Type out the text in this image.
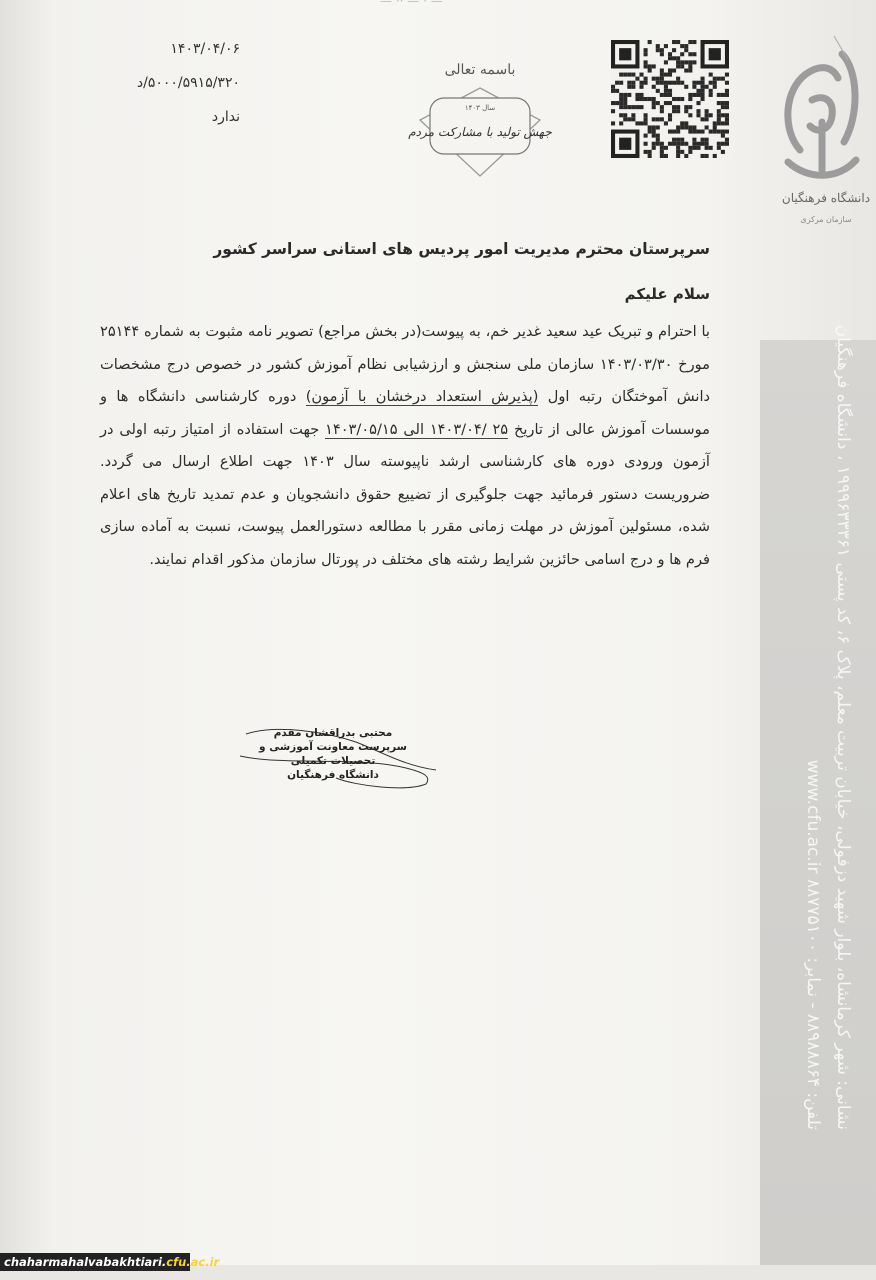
— ·· — · —
۱۴۰۳/۰۴/۰۶
۵۰۰۰/۵۹۱۵/۳۲۰/د
ندارد
باسمه تعالی
سال ۱۴۰۳
جهش تولید با مشارکت مردم
دانشگاه فرهنگیان
سازمان مرکزی
سرپرستان محترم مدیریت امور پردیس های استانی سراسر کشور
سلام علیکم

با احترام و تبریک عید سعید غدیر خم، به پیوست(در بخش مراجع) تصویر نامه مثبوت به شماره ۲۵۱۴۴ مورخ ۱۴۰۳/۰۳/۳۰ سازمان ملی سنجش و ارزشیابی نظام آموزش کشور در خصوص درج مشخصات دانش آموختگان رتبه اول (پذیرش استعداد درخشان با آزمون) دوره کارشناسی دانشگاه ها و موسسات آموزش عالی از تاریخ ۲۵ /۱۴۰۳/۰۴ الی ۱۴۰۳/۰۵/۱۵ جهت استفاده از امتیاز رتبه اولی در آزمون ورودی دوره های کارشناسی ارشد ناپیوسته سال ۱۴۰۳ جهت اطلاع ارسال می گردد. ضروریست دستور فرمائید جهت جلوگیری از تضییع حقوق دانشجویان و عدم تمدید تاریخ های اعلام شده، مسئولین آموزش در مهلت زمانی مقرر با مطالعه دستورالعمل پیوست، نسبت به آماده سازی فرم ها و درج اسامی حائزین شرایط رشته های مختلف در پورتال سازمان مذکور اقدام نمایند.

محتبی بدراقشان مقدم
سرپرست معاونت آموزشی و تحصیلات تکمیلی
دانشگاه فرهنگیان
نشانی: شهر کرمانشاه، بلوار شهید دزفولی، خیابان تربیت معلم، پلاک ۶، کد پستی ۱۹۹۹۶۳۳۳۶۱ ، دانشگاه فرهنگیان
تلفن: ۸۸۹۸۸۸۶۴ - نمابر: ۸۸۷۷۵۱۰۰ www.cfu.ac.ir
chaharmahalvabakhtiari.cfu.ac.ir
